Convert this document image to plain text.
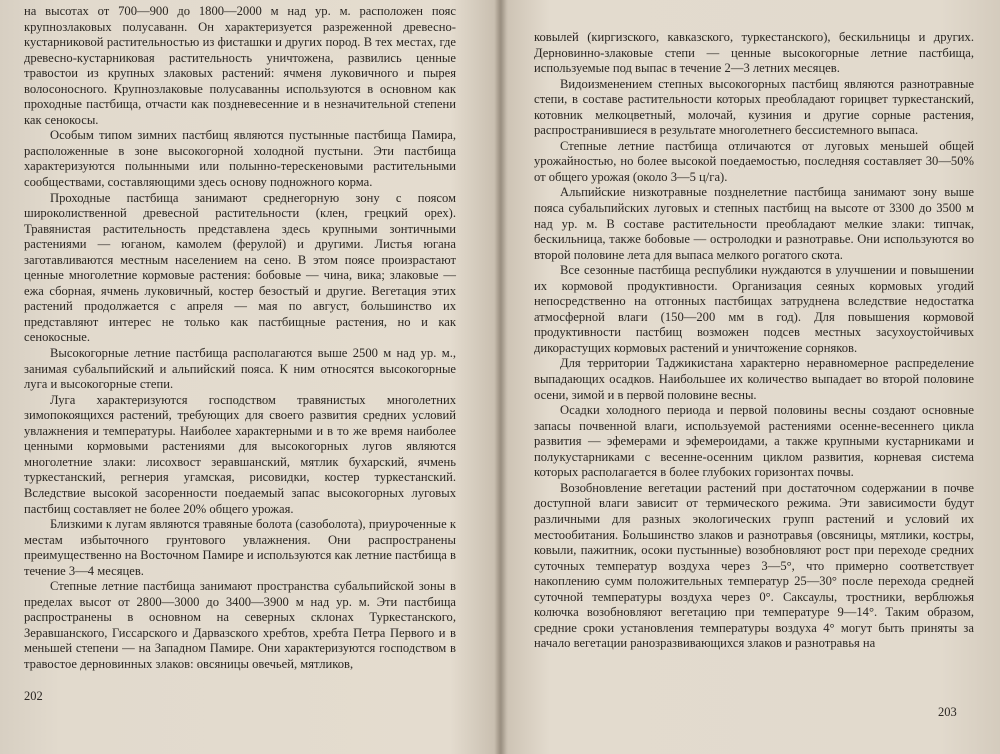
на высотах от 700—900 до 1800—2000 м над ур. м. расположен пояс крупнозлаковых полусаванн. Он характеризуется разреженной древесно-кустарниковой растительностью из фисташки и других пород. В тех местах, где древесно-кустарниковая растительность уничтожена, развились ценные травостои из крупных злаковых растений: ячменя луковичного и пырея волосоносного. Крупнозлаковые полусаванны используются в основном как проходные пастбища, отчасти как поздневесенние и в незначительной степени как сенокосы.

Особым типом зимних пастбищ являются пустынные пастбища Памира, расположенные в зоне высокогорной холодной пустыни. Эти пастбища характеризуются полынными или полынно-терескеновыми растительными сообществами, составляющими здесь основу подножного корма.

Проходные пастбища занимают среднегорную зону с поясом широколиственной древесной растительности (клен, грецкий орех). Травянистая растительность представлена здесь крупными зонтичными растениями — юганом, камолем (ферулой) и другими. Листья югана заготавливаются местным населением на сено. В этом поясе произрастают ценные многолетние кормовые растения: бобовые — чина, вика; злаковые — ежа сборная, ячмень луковичный, костер безостый и другие. Вегетация этих растений продолжается с апреля — мая по август, большинство их представляют интерес не только как пастбищные растения, но и как сенокосные.

Высокогорные летние пастбища располагаются выше 2500 м над ур. м., занимая субальпийский и альпийский пояса. К ним относятся высокогорные луга и высокогорные степи.

Луга характеризуются господством травянистых многолетних зимопокоящихся растений, требующих для своего развития средних условий увлажнения и температуры. Наиболее характерными и в то же время наиболее ценными кормовыми растениями для высокогорных лугов являются многолетние злаки: лисохвост зеравшанский, мятлик бухарский, ячмень туркестанский, регнерия угамская, рисовидки, костер туркестанский. Вследствие высокой засоренности поедаемый запас высокогорных луговых пастбищ составляет не более 20% общего урожая.

Близкими к лугам являются травяные болота (сазоболота), приуроченные к местам избыточного грунтового увлажнения. Они распространены преимущественно на Восточном Памире и используются как летние пастбища в течение 3—4 месяцев.

Степные летние пастбища занимают пространства субальпийской зоны в пределах высот от 2800—3000 до 3400—3900 м над ур. м. Эти пастбища распространены в основном на северных склонах Туркестанского, Зеравшанского, Гиссарского и Дарвазского хребтов, хребта Петра Первого и в меньшей степени — на Западном Памире. Они характеризуются господством в травостое дерновинных злаков: овсяницы овечьей, мятликов,

202

ковылей (киргизского, кавказского, туркестанского), бескильницы и других. Дерновинно-злаковые степи — ценные высокогорные летние пастбища, используемые под выпас в течение 2—3 летних месяцев.

Видоизменением степных высокогорных пастбищ являются разнотравные степи, в составе растительности которых преобладают горицвет туркестанский, котовник мелкоцветный, молочай, кузиния и другие сорные растения, распространившиеся в результате многолетнего бессистемного выпаса.

Степные летние пастбища отличаются от луговых меньшей общей урожайностью, но более высокой поедаемостью, последняя составляет 30—50% от общего урожая (около 3—5 ц/га).

Альпийские низкотравные позднелетние пастбища занимают зону выше пояса субальпийских луговых и степных пастбищ на высоте от 3300 до 3500 м над ур. м. В составе растительности преобладают мелкие злаки: типчак, бескильница, также бобовые — остролодки и разнотравье. Они используются во второй половине лета для выпаса мелкого рогатого скота.

Все сезонные пастбища республики нуждаются в улучшении и повышении их кормовой продуктивности. Организация сеяных кормовых угодий непосредственно на отгонных пастбищах затруднена вследствие недостатка атмосферной влаги (150—200 мм в год). Для повышения кормовой продуктивности пастбищ возможен подсев местных засухоустойчивых дикорастущих кормовых растений и уничтожение сорняков.

Для территории Таджикистана характерно неравномерное распределение выпадающих осадков. Наибольшее их количество выпадает во второй половине осени, зимой и в первой половине весны.

Осадки холодного периода и первой половины весны создают основные запасы почвенной влаги, используемой растениями осенне-весеннего цикла развития — эфемерами и эфемероидами, а также крупными кустарниками и полукустарниками с весенне-осенним циклом развития, корневая система которых располагается в более глубоких горизонтах почвы.

Возобновление вегетации растений при достаточном содержании в почве доступной влаги зависит от термического режима. Эти зависимости будут различными для разных экологических групп растений и условий их местообитания. Большинство злаков и разнотравья (овсяницы, мятлики, костры, ковыли, пажитник, осоки пустынные) возобновляют рост при переходе средних суточных температур воздуха через 3—5°, что примерно соответствует накоплению сумм положительных температур 25—30° после перехода средней суточной температуры воздуха через 0°. Саксаулы, тростники, верблюжья колючка возобновляют вегетацию при температуре 9—14°. Таким образом, средние сроки установления температуры воздуха 4° могут быть приняты за начало вегетации ранозразвивающихся злаков и разнотравья на

203
